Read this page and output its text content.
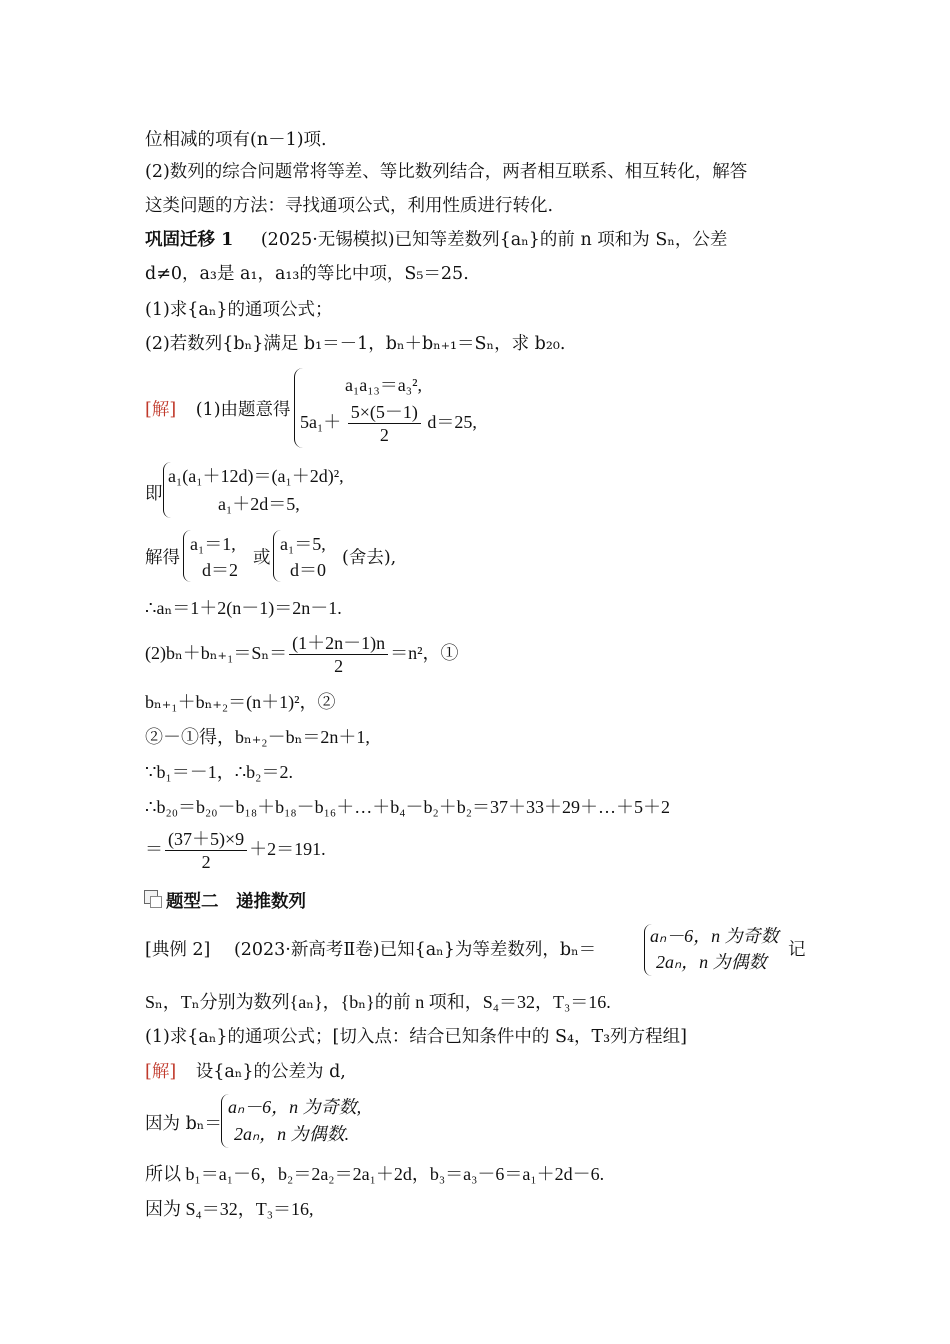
位相减的项有(n－1)项.
(2)数列的综合问题常将等差、等比数列结合，两者相互联系、相互转化，解答
这类问题的方法：寻找通项公式，利用性质进行转化.
巩固迁移 1 (2025·无锡模拟)已知等差数列{aₙ}的前 n 项和为 Sₙ，公差
d≠0，a₃是 a₁，a₁₃的等比中项，S₅＝25.
(1)求{aₙ}的通项公式；
(2)若数列{bₙ}满足 b₁＝－1，bₙ＋bₙ₊₁＝Sₙ，求 b₂₀.
[解] (1)由题意得
a₁a₁₃＝a₃²,
$5a_1+ \frac{5\times(5-1)}{2} d=25$,
即
a₁(a₁＋12d)＝(a₁＋2d)²,
a₁＋2d＝5,
解得
a₁＝1,
d＝2
或
a₁＝5,
d＝0
(舍去),
∴aₙ＝1＋2(n－1)＝2n－1.
$(2)b_n+b_{n+1}=S_n= \frac{(1+2n-1)n}{2} =n^2$，①
bₙ₊₁＋bₙ₊₂＝(n＋1)²，②
②－①得，bₙ₊₂－bₙ＝2n＋1,
∵b₁＝－1，∴b₂＝2.
∴b₂₀＝b₂₀－b₁₈＋b₁₈－b₁₆＋…＋b₄－b₂＋b₂＝37＋33＋29＋…＋5＋2
＝ $\frac{(37+5)\times 9}{2} +2=191$.
题型二　递推数列
[典例 2] (2023·新高考Ⅱ卷)已知{aₙ}为等差数列，bₙ＝
aₙ－6，n 为奇数
2aₙ，n 为偶数
记
Sₙ，Tₙ分别为数列{aₙ}，{bₙ}的前 n 项和，S₄＝32，T₃＝16.
(1)求{aₙ}的通项公式；[切入点：结合已知条件中的 S₄，T₃列方程组]
[解] 设{aₙ}的公差为 d,
因为 bₙ＝
aₙ－6，n 为奇数,
2aₙ，n 为偶数.
所以 b₁＝a₁－6，b₂＝2a₂＝2a₁＋2d，b₃＝a₃－6＝a₁＋2d－6.
因为 S₄＝32，T₃＝16,
